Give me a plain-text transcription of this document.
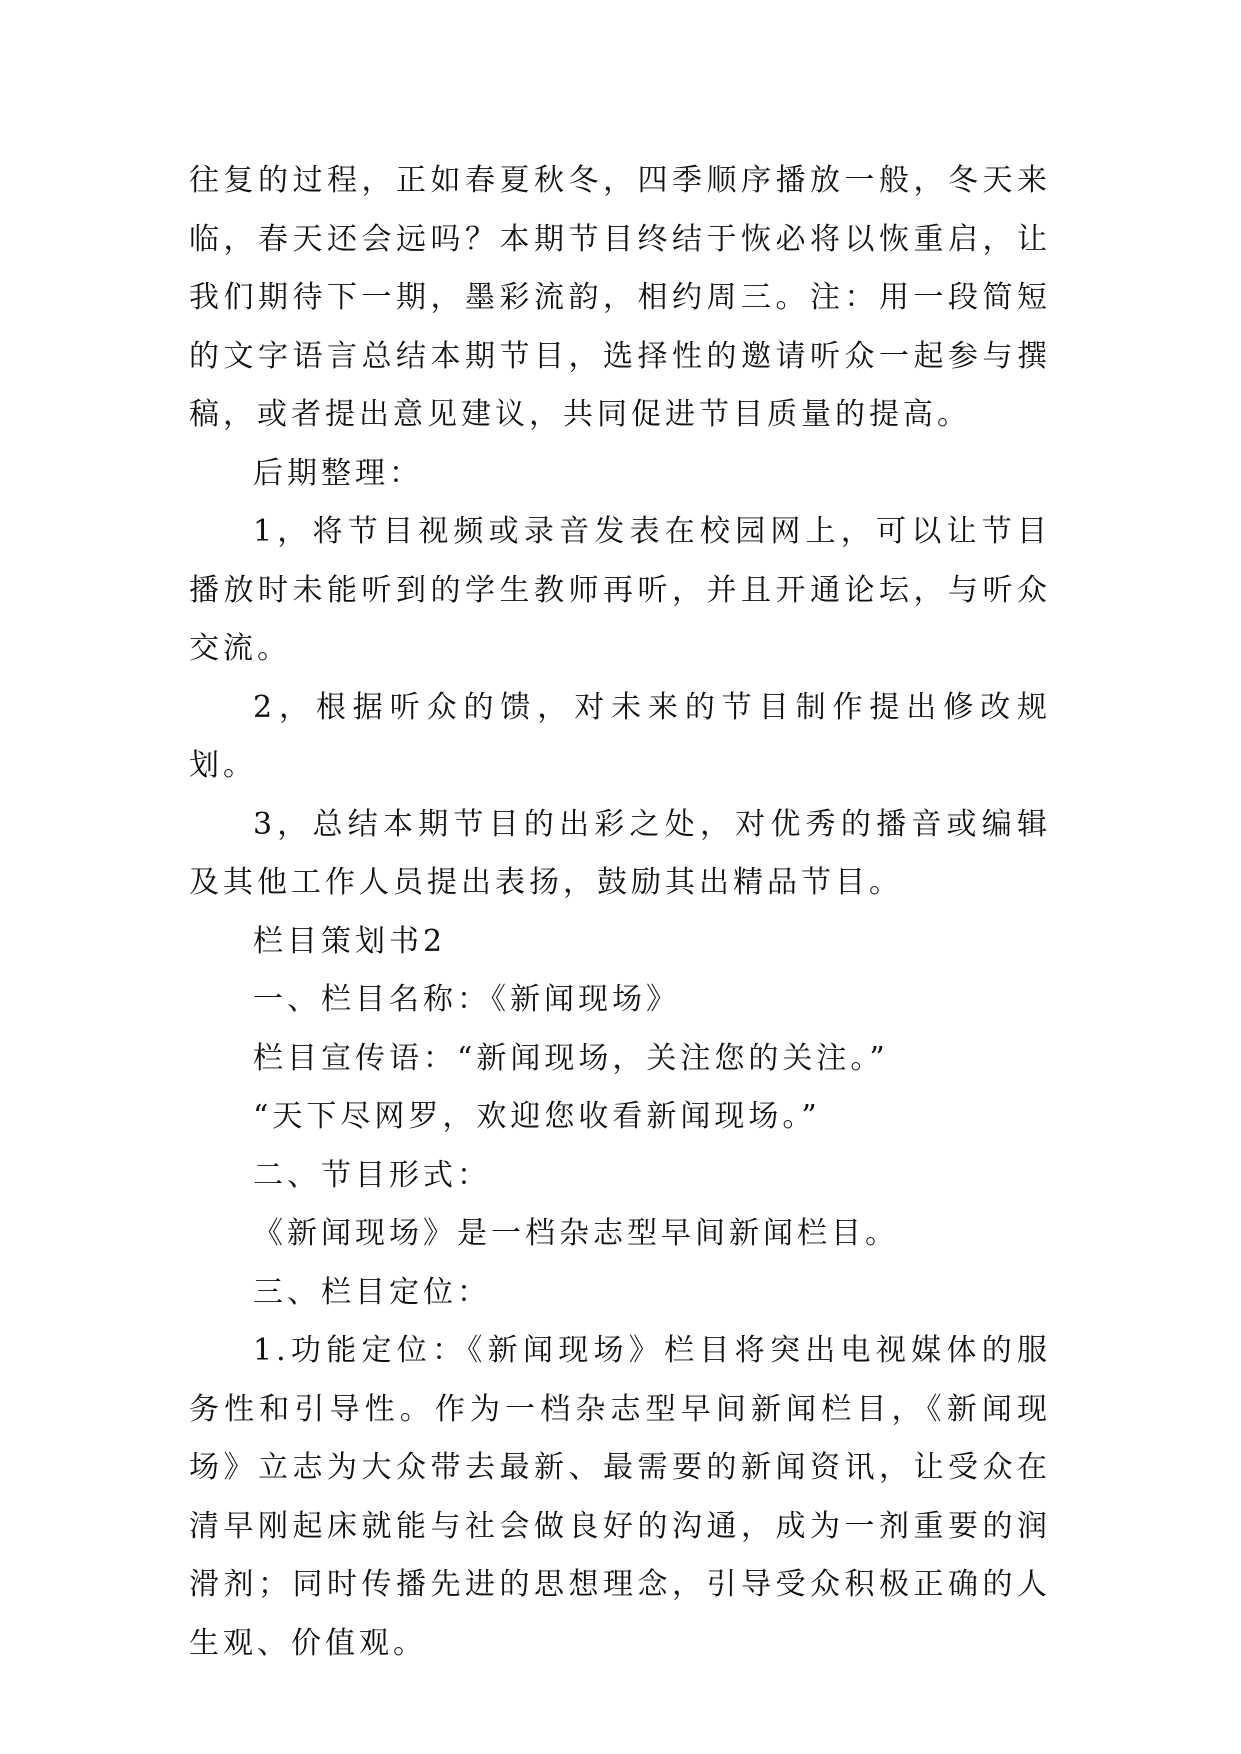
往复的过程，正如春夏秋冬，四季顺序播放一般，冬天来临，春天还会远吗？本期节目终结于恢必将以恢重启，让我们期待下一期，墨彩流韵，相约周三。注：用一段简短的文字语言总结本期节目，选择性的邀请听众一起参与撰稿，或者提出意见建议，共同促进节目质量的提高。

后期整理：

1，将节目视频或录音发表在校园网上，可以让节目播放时未能听到的学生教师再听，并且开通论坛，与听众交流。

2，根据听众的馈，对未来的节目制作提出修改规划。

3，总结本期节目的出彩之处，对优秀的播音或编辑及其他工作人员提出表扬，鼓励其出精品节目。

栏目策划书2

一、栏目名称：《新闻现场》

栏目宣传语：“新闻现场，关注您的关注。”

“天下尽网罗，欢迎您收看新闻现场。”

二、节目形式：

《新闻现场》是一档杂志型早间新闻栏目。

三、栏目定位：

1.功能定位：《新闻现场》栏目将突出电视媒体的服务性和引导性。作为一档杂志型早间新闻栏目，《新闻现场》立志为大众带去最新、最需要的新闻资讯，让受众在清早刚起床就能与社会做良好的沟通，成为一剂重要的润滑剂；同时传播先进的思想理念，引导受众积极正确的人生观、价值观。
